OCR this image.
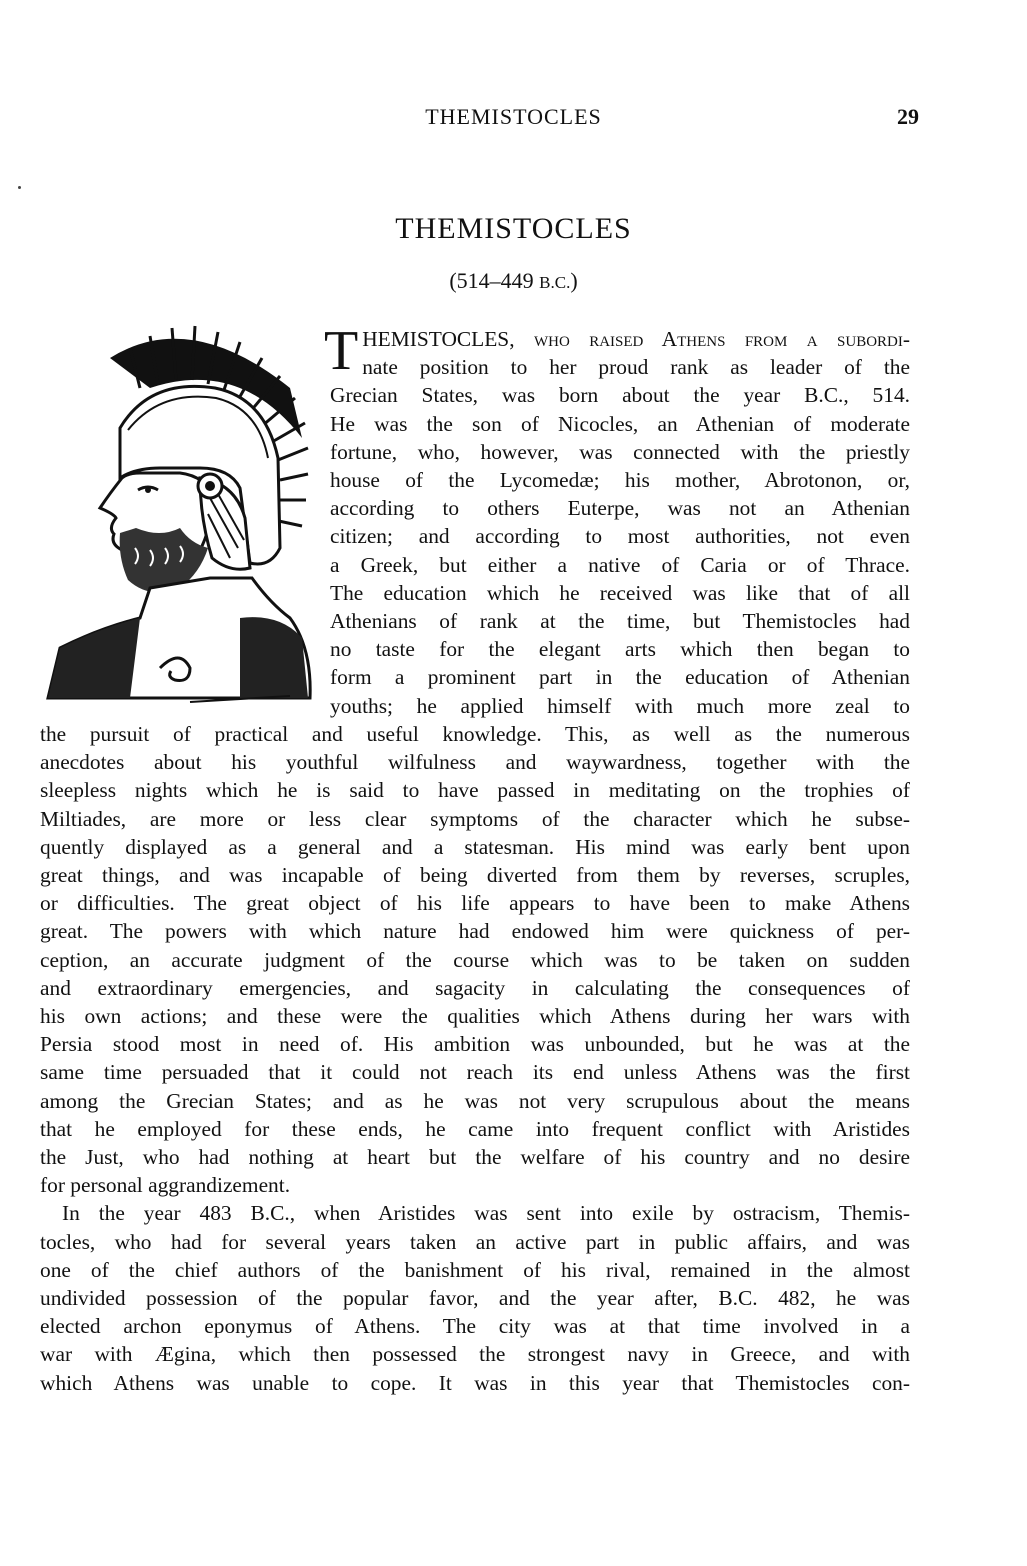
THEMISTOCLES	29
THEMISTOCLES
(514–449 B.C.)
T HEMISTOCLES, who raised Athens from a subordi-
nate position to her proud rank as leader of the
Grecian States, was born about the year B.C., 514.
He was the son of Nicocles, an Athenian of moderate
fortune, who, however, was connected with the priestly
house of the Lycomedæ; his mother, Abrotonon, or,
according to others Euterpe, was not an Athenian
citizen; and according to most authorities, not even
a Greek, but either a native of Caria or of Thrace.
The education which he received was like that of all
Athenians of rank at the time, but Themistocles had
no taste for the elegant arts which then began to
form a prominent part in the education of Athenian
youths; he applied himself with much more zeal to
the pursuit of practical and useful knowledge. This, as well as the numerous
anecdotes about his youthful wilfulness and waywardness, together with the
sleepless nights which he is said to have passed in meditating on the trophies of
Miltiades, are more or less clear symptoms of the character which he subse-
quently displayed as a general and a statesman. His mind was early bent upon
great things, and was incapable of being diverted from them by reverses, scruples,
or difficulties. The great object of his life appears to have been to make Athens
great. The powers with which nature had endowed him were quickness of per-
ception, an accurate judgment of the course which was to be taken on sudden
and extraordinary emergencies, and sagacity in calculating the consequences of
his own actions; and these were the qualities which Athens during her wars with
Persia stood most in need of. His ambition was unbounded, but he was at the
same time persuaded that it could not reach its end unless Athens was the first
among the Grecian States; and as he was not very scrupulous about the means
that he employed for these ends, he came into frequent conflict with Aristides
the Just, who had nothing at heart but the welfare of his country and no desire
for personal aggrandizement.
In the year 483 B.C., when Aristides was sent into exile by ostracism, Themis-
tocles, who had for several years taken an active part in public affairs, and was
one of the chief authors of the banishment of his rival, remained in the almost
undivided possession of the popular favor, and the year after, B.C. 482, he was
elected archon eponymus of Athens. The city was at that time involved in a
war with Ægina, which then possessed the strongest navy in Greece, and with
which Athens was unable to cope. It was in this year that Themistocles con-
